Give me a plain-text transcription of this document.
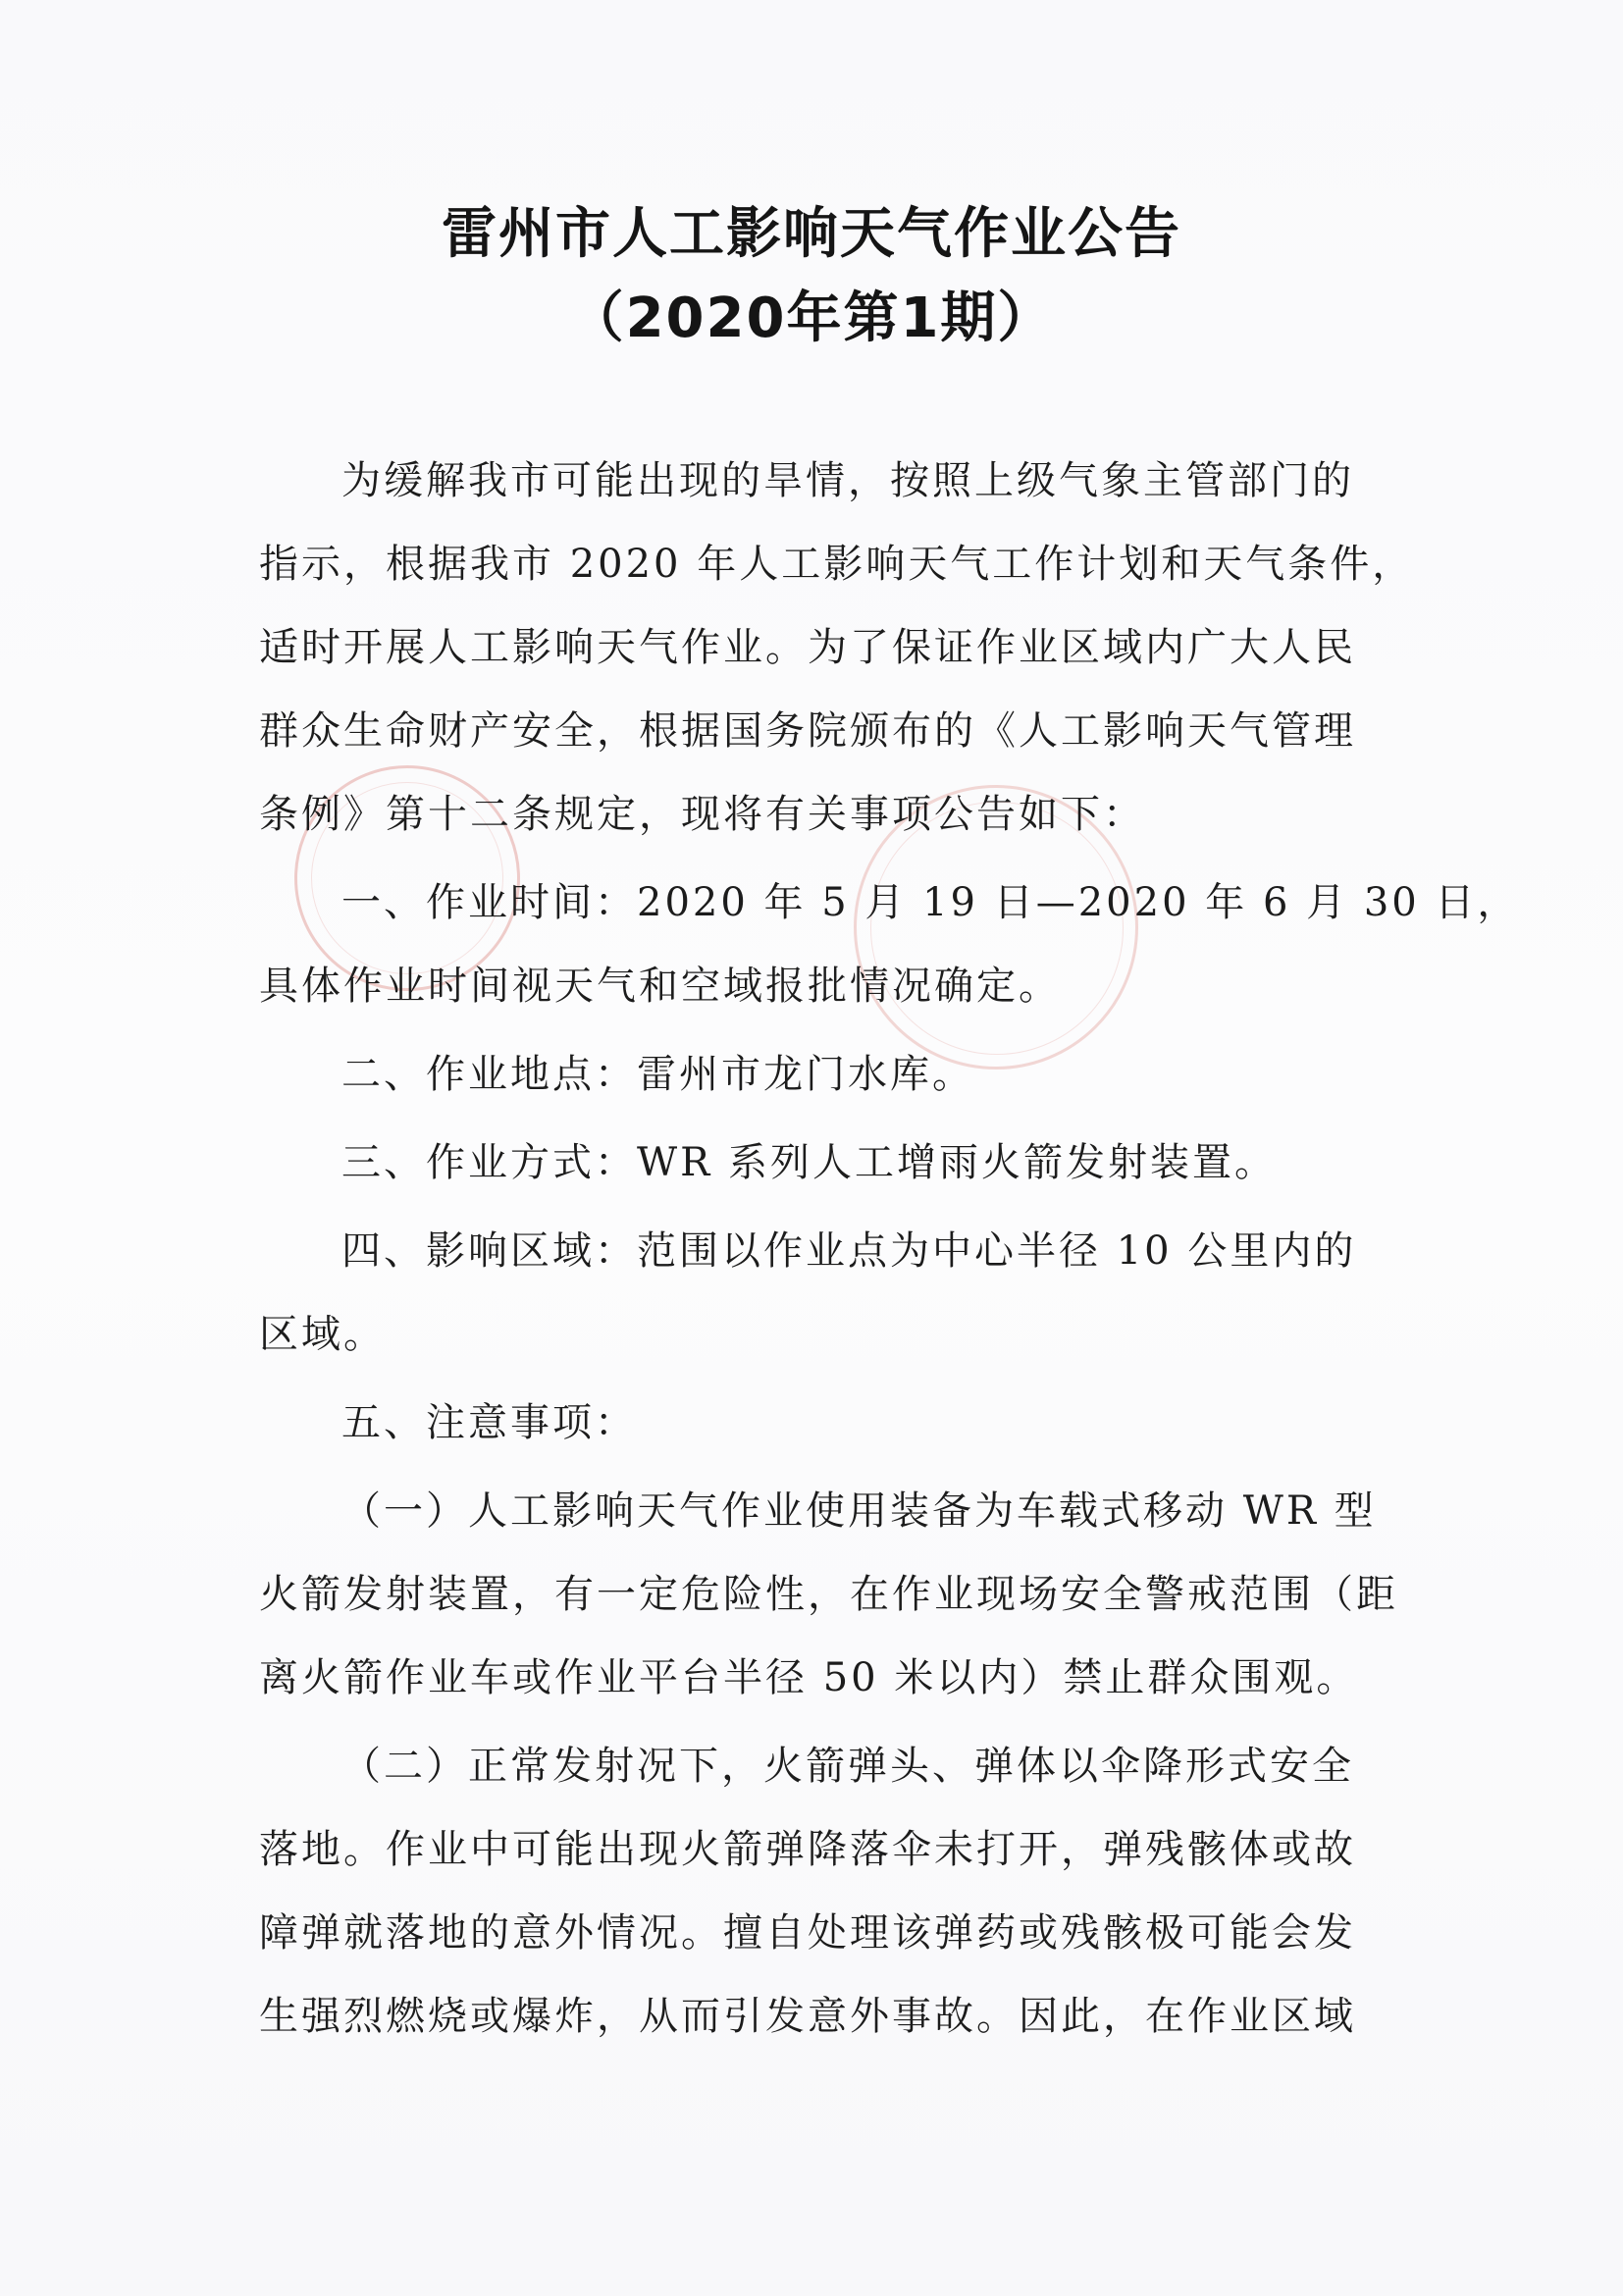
雷州市人工影响天气作业公告
（2020年第1期）
为缓解我市可能出现的旱情，按照上级气象主管部门的
指示，根据我市 2020 年人工影响天气工作计划和天气条件，
适时开展人工影响天气作业。为了保证作业区域内广大人民
群众生命财产安全，根据国务院颁布的《人工影响天气管理
条例》第十二条规定，现将有关事项公告如下：
一、作业时间：2020 年 5 月 19 日—2020 年 6 月 30 日，
具体作业时间视天气和空域报批情况确定。
二、作业地点：雷州市龙门水库。
三、作业方式：WR 系列人工增雨火箭发射装置。
四、影响区域：范围以作业点为中心半径 10 公里内的
区域。
五、注意事项：
（一）人工影响天气作业使用装备为车载式移动 WR 型
火箭发射装置，有一定危险性，在作业现场安全警戒范围（距
离火箭作业车或作业平台半径 50 米以内）禁止群众围观。
（二）正常发射况下，火箭弹头、弹体以伞降形式安全
落地。作业中可能出现火箭弹降落伞未打开，弹残骸体或故
障弹就落地的意外情况。擅自处理该弹药或残骸极可能会发
生强烈燃烧或爆炸，从而引发意外事故。因此，在作业区域
